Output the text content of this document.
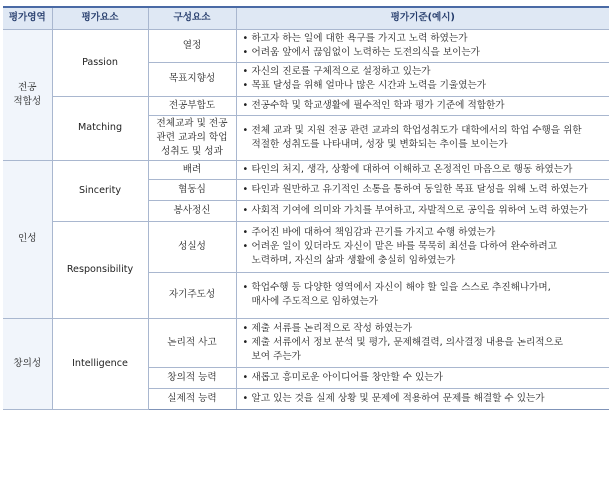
평가영역	평가요소	구성요소	평가기준(예시)

전공
적합성	Passion	열정	• 하고자 하는 일에 대한 욕구를 가지고 노력 하였는가
• 어려움 앞에서 끊임없이 노력하는 도전의식을 보이는가

		목표지향성	• 자신의 진로를 구체적으로 설정하고 있는가
• 목표 달성을 위해 얼마나 많은 시간과 노력을 기울였는가

	Matching	전공부합도	• 전공수학 및 학교생활에 필수적인 학과 평가 기준에 적합한가

		전체교과 및 전공
관련 교과의 학업
성취도 및 성과	• 전체 교과 및 지원 전공 관련 교과의 학업성취도가 대학에서의 학업 수행을 위한
적절한 성취도를 나타내며, 성장 및 변화되는 추이를 보이는가

인성	Sincerity	배려	• 타인의 처지, 생각, 상황에 대하여 이해하고 온정적인 마음으로 행동 하였는가

		협동심	• 타인과 원만하고 유기적인 소통을 통하여 동일한 목표 달성을 위해 노력 하였는가

		봉사정신	• 사회적 기여에 의미와 가치를 부여하고, 자발적으로 공익을 위하여 노력 하였는가

	Responsibility	성실성	• 주어진 바에 대하여 책임감과 끈기를 가지고 수행 하였는가
• 어려운 일이 있더라도 자신이 맡은 바를 묵묵히 최선을 다하여 완수하려고
노력하며, 자신의 삶과 생활에 충실히 임하였는가

		자기주도성	• 학업수행 등 다양한 영역에서 자신이 해야 할 일을 스스로 추진해나가며,
매사에 주도적으로 임하였는가

창의성	Intelligence	논리적 사고	• 제출 서류를 논리적으로 작성 하였는가
• 제출 서류에서 정보 분석 및 평가, 문제해결력, 의사결정 내용을 논리적으로
보여 주는가

		창의적 능력	• 새롭고 흥미로운 아이디어를 창안할 수 있는가

		실제적 능력	• 알고 있는 것을 실제 상황 및 문제에 적용하여 문제를 해결할 수 있는가
